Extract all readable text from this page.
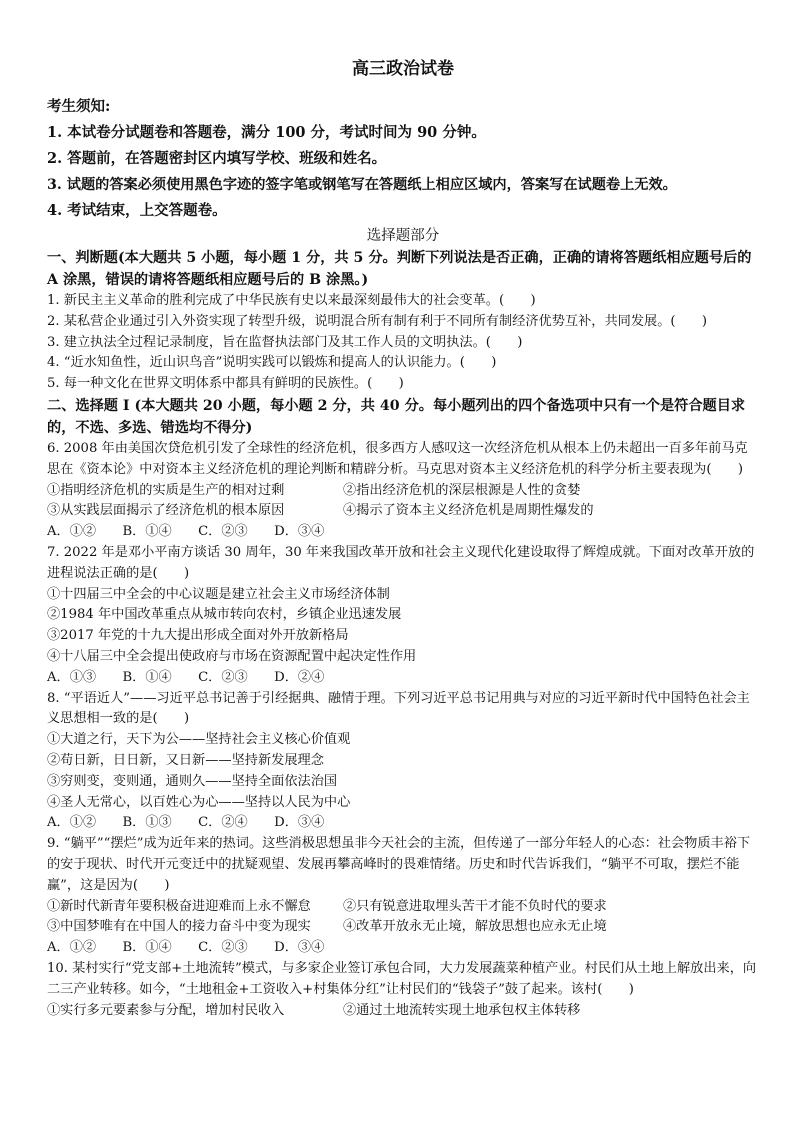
高三政治试卷
考生须知:
1. 本试卷分试题卷和答题卷，满分 100 分，考试时间为 90 分钟。
2. 答题前，在答题密封区内填写学校、班级和姓名。
3. 试题的答案必须使用黑色字迹的签字笔或钢笔写在答题纸上相应区域内，答案写在试题卷上无效。
4. 考试结束，上交答题卷。
选择题部分
一、判断题(本大题共 5 小题，每小题 1 分，共 5 分。判断下列说法是否正确，正确的请将答题纸相应题号后的 A 涂黑，错误的请将答题纸相应题号后的 B 涂黑。)
1. 新民主主义革命的胜利完成了中华民族有史以来最深刻最伟大的社会变革。(　　)
2. 某私营企业通过引入外资实现了转型升级，说明混合所有制有利于不同所有制经济优势互补，共同发展。(　　)
3. 建立执法全过程记录制度，旨在监督执法部门及其工作人员的文明执法。(　　)
4. “近水知鱼性，近山识鸟音”说明实践可以锻炼和提高人的认识能力。(　　)
5. 每一种文化在世界文明体系中都具有鲜明的民族性。(　　)
二、选择题 I (本大题共 20 小题，每小题 2 分，共 40 分。每小题列出的四个备选项中只有一个是符合题目求的，不选、多选、错选均不得分)
6. 2008 年由美国次贷危机引发了全球性的经济危机，很多西方人感叹这一次经济危机从根本上仍未超出一百多年前马克思在《资本论》中对资本主义经济危机的理论判断和精辟分析。马克思对资本主义经济危机的科学分析主要表现为(　　)
①指明经济危机的实质是生产的相对过剩	②指出经济危机的深层根源是人性的贪婪
③从实践层面揭示了经济危机的根本原因	④揭示了资本主义经济危机是周期性爆发的
A．①②　　B．①④　　C．②③　　D．③④
7. 2022 年是邓小平南方谈话 30 周年，30 年来我国改革开放和社会主义现代化建设取得了辉煌成就。下面对改革开放的进程说法正确的是(　　)
①十四届三中全会的中心议题是建立社会主义市场经济体制
②1984 年中国改革重点从城市转向农村，乡镇企业迅速发展
③2017 年党的十九大提出形成全面对外开放新格局
④十八届三中全会提出使政府与市场在资源配置中起决定性作用
A．①③　　B．①④　　C．②③　　D．②④
8. “平语近人”——习近平总书记善于引经据典、融情于理。下列习近平总书记用典与对应的习近平新时代中国特色社会主义思想相一致的是(　　)
①大道之行，天下为公——坚持社会主义核心价值观
②苟日新，日日新，又日新——坚持新发展理念
③穷则变，变则通，通则久——坚持全面依法治国
④圣人无常心，以百姓心为心——坚持以人民为中心
A．①②　　B．①③　　C．②④　　D．③④
9. “躺平”“摆烂”成为近年来的热词。这些消极思想虽非今天社会的主流，但传递了一部分年轻人的心态：社会物质丰裕下的安于现状、时代开元变迁中的扰疑观望、发展再攀高峰时的畏难情绪。历史和时代告诉我们，“躺平不可取，摆烂不能赢”，这是因为(　　)
①新时代新青年要积极奋进迎难而上永不懈怠	②只有锐意进取埋头苦干才能不负时代的要求
③中国梦唯有在中国人的接力奋斗中变为现实	④改革开放永无止境，解放思想也应永无止境
A．①②　　B．①④　　C．②③　　D．③④
10. 某村实行“党支部+土地流转”模式，与多家企业签订承包合同，大力发展蔬菜种植产业。村民们从土地上解放出来，向二三产业转移。如今，“土地租金+工资收入+村集体分红”让村民们的“钱袋子”鼓了起来。该村(　　)
①实行多元要素参与分配，增加村民收入	②通过土地流转实现土地承包权主体转移
